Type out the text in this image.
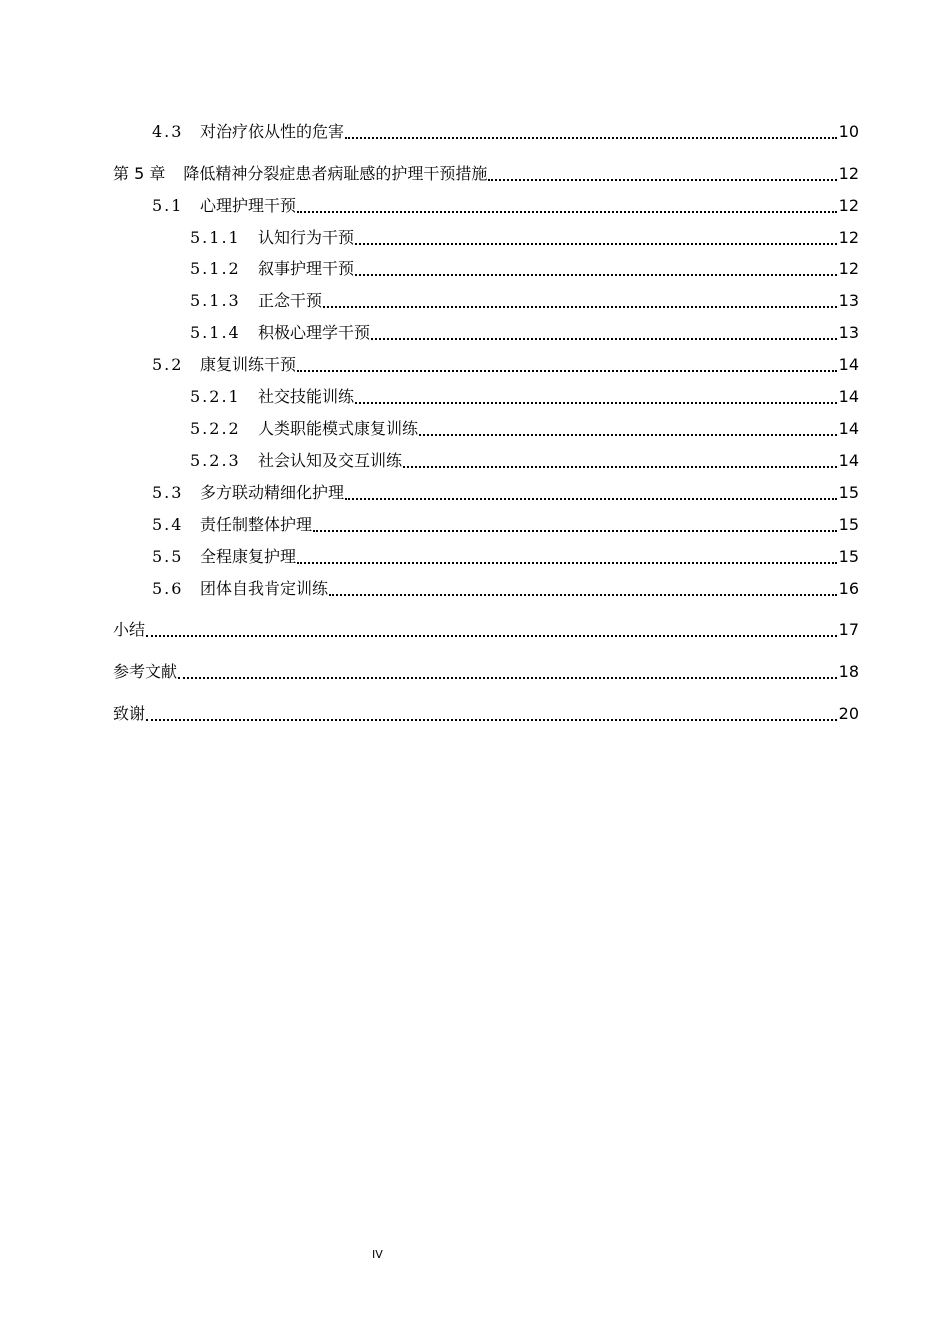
4.3	对治疗依从性的危害	10
第 5 章 降低精神分裂症患者病耻感的护理干预措施	12
5.1	心理护理干预	12
5.1.1	认知行为干预	12
5.1.2	叙事护理干预	12
5.1.3	正念干预	13
5.1.4	积极心理学干预	13
5.2	康复训练干预	14
5.2.1	社交技能训练	14
5.2.2	人类职能模式康复训练	14
5.2.3	社会认知及交互训练	14
5.3	多方联动精细化护理	15
5.4	责任制整体护理	15
5.5	全程康复护理	15
5.6	团体自我肯定训练	16
小结	17
参考文献	18
致谢	20
IV
